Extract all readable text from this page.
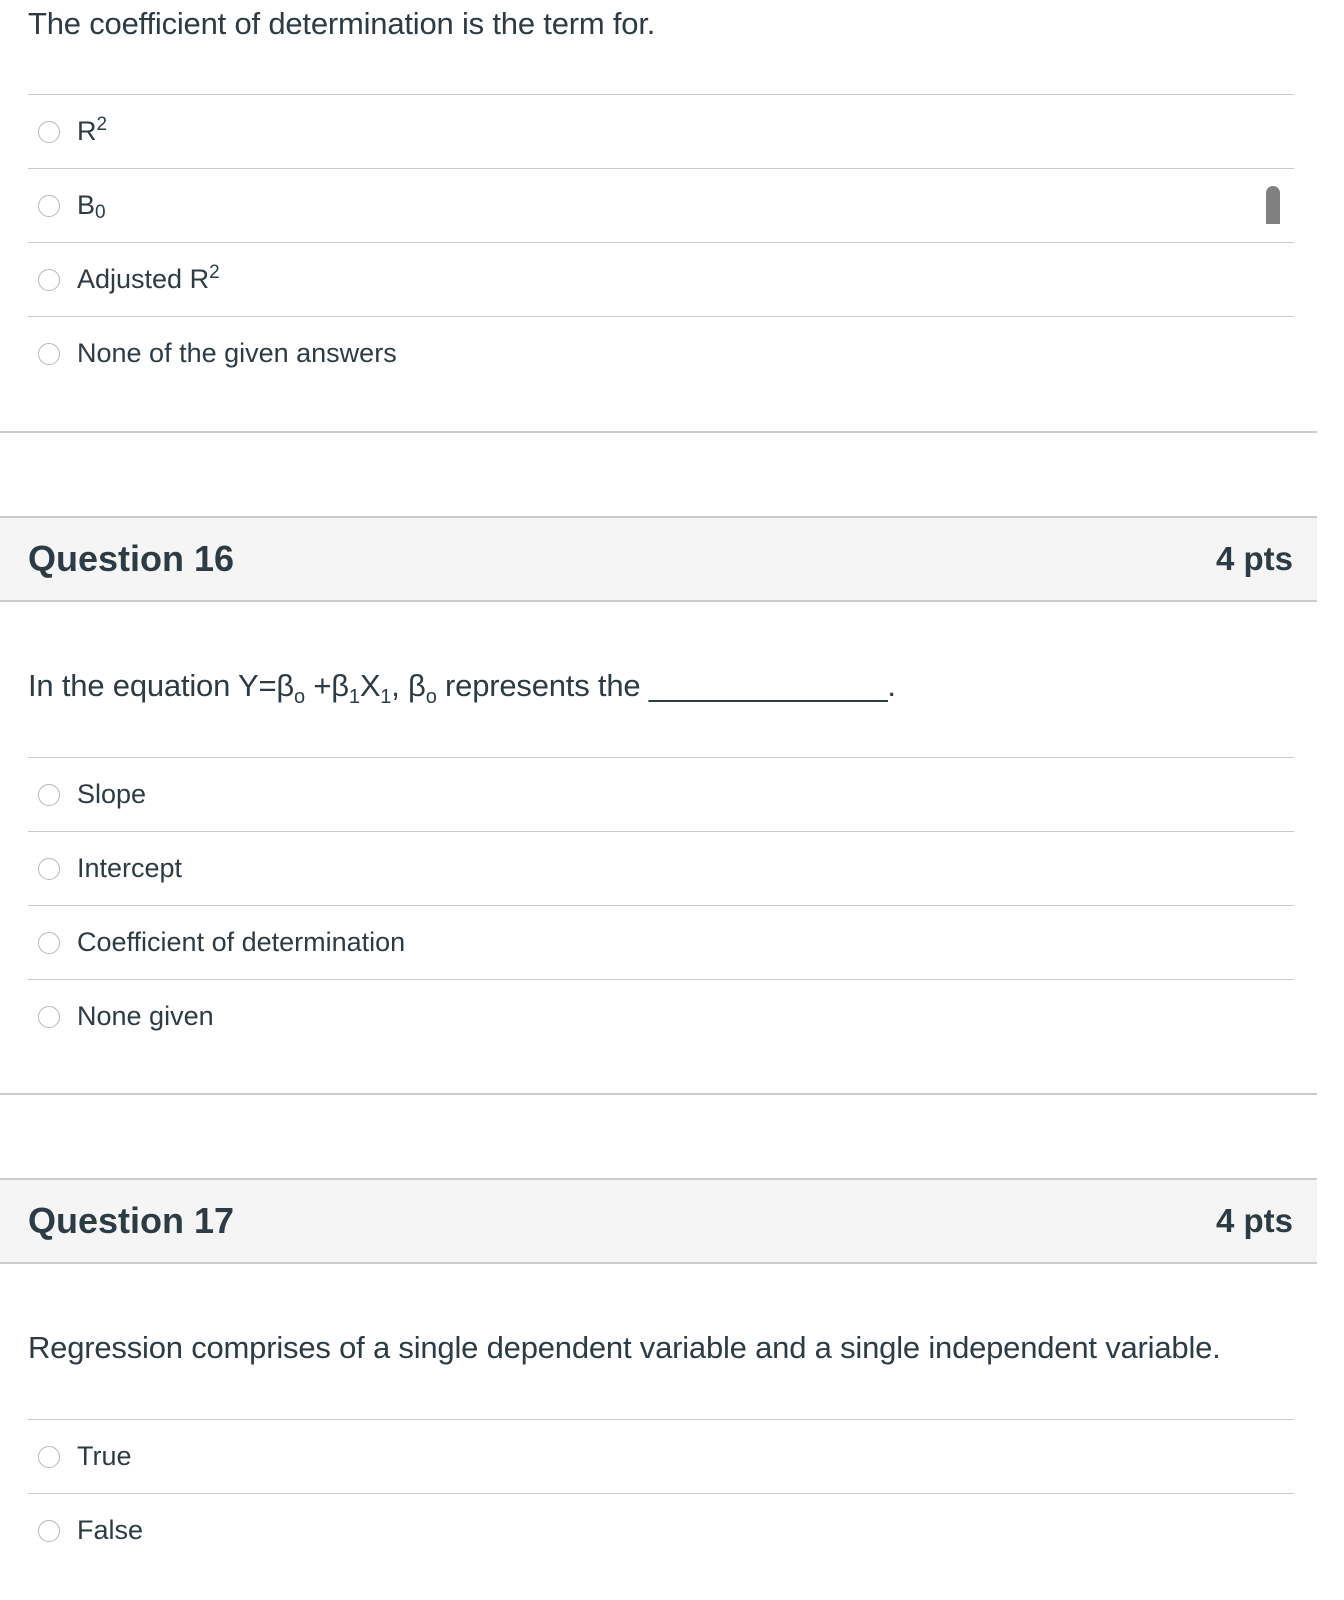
The coefficient of determination is the term for.
$R^2$
$B_0$
Adjusted $R^2$
None of the given answers
Question 16	4 pts
In the equation $Y=\beta_o +\beta_1X_1$, $\beta_o$ represents the ______________.
Slope
Intercept
Coefficient of determination
None given
Question 17	4 pts
Regression comprises of a single dependent variable and a single independent variable.
True
False
